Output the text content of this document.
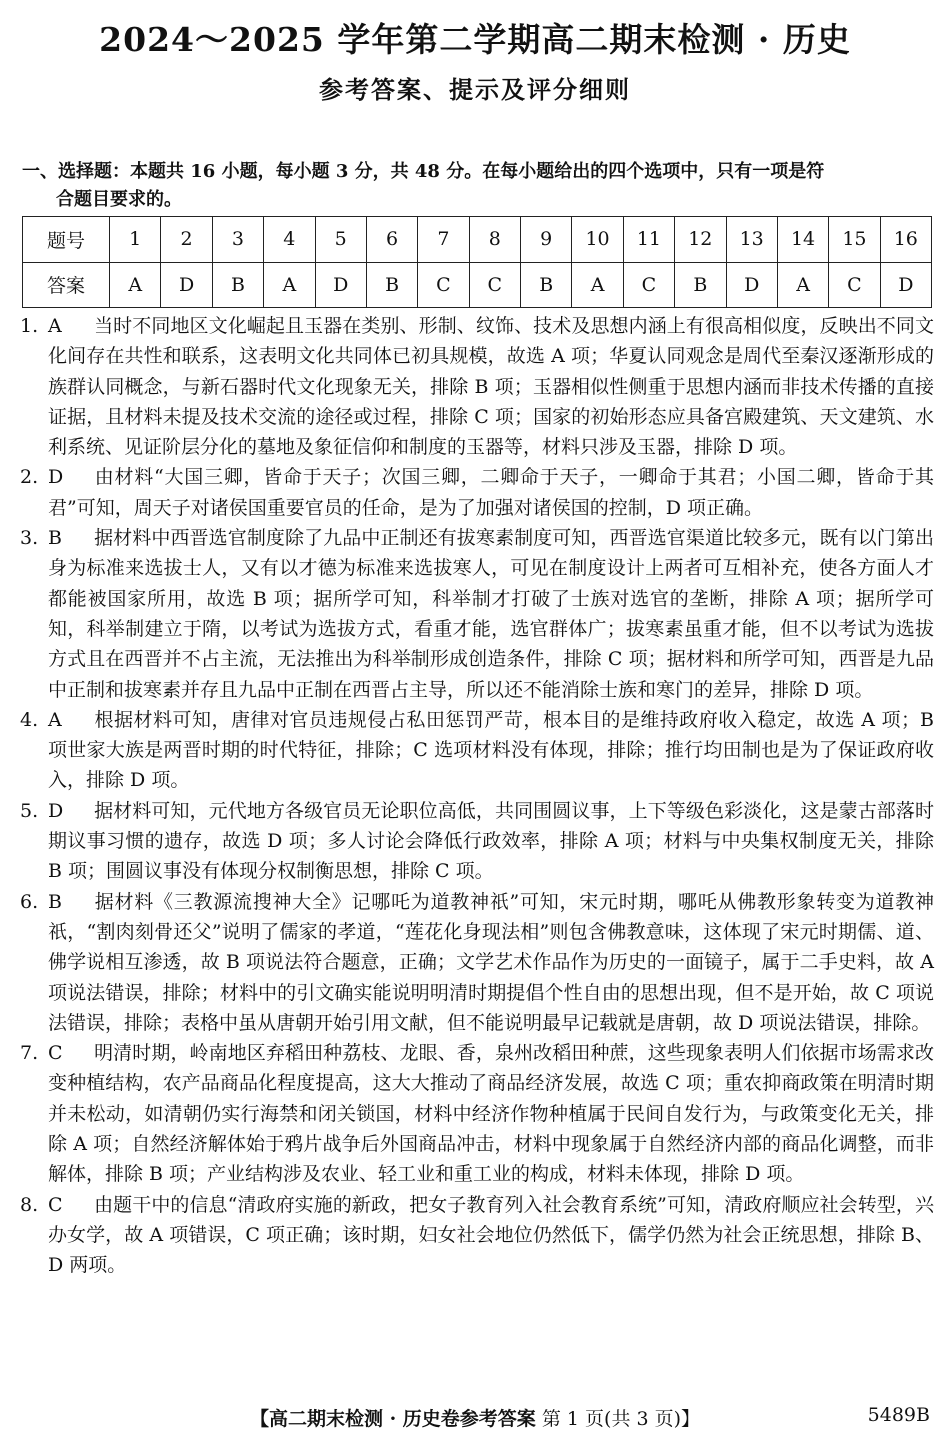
2024～2025 学年第二学期高二期末检测 · 历史
参考答案、提示及评分细则
一、选择题：本题共 16 小题，每小题 3 分，共 48 分。在每小题给出的四个选项中，只有一项是符
合题目要求的。
题号	1	2	3	4	5	6	7	8	9	10	11	12	13	14	15	16
答案	A	D	B	A	D	B	C	C	B	A	C	B	D	A	C	D

1. A 当时不同地区文化崛起且玉器在类别、形制、纹饰、技术及思想内涵上有很高相似度，反映出不同文化间存在共性和联系，这表明文化共同体已初具规模，故选 A 项；华夏认同观念是周代至秦汉逐渐形成的族群认同概念，与新石器时代文化现象无关，排除 B 项；玉器相似性侧重于思想内涵而非技术传播的直接证据，且材料未提及技术交流的途径或过程，排除 C 项；国家的初始形态应具备宫殿建筑、天文建筑、水利系统、见证阶层分化的墓地及象征信仰和制度的玉器等，材料只涉及玉器，排除 D 项。

2. D 由材料“大国三卿，皆命于天子；次国三卿，二卿命于天子，一卿命于其君；小国二卿，皆命于其君”可知，周天子对诸侯国重要官员的任命，是为了加强对诸侯国的控制，D 项正确。

3. B 据材料中西晋选官制度除了九品中正制还有拔寒素制度可知，西晋选官渠道比较多元，既有以门第出身为标准来选拔士人，又有以才德为标准来选拔寒人，可见在制度设计上两者可互相补充，使各方面人才都能被国家所用，故选 B 项；据所学可知，科举制才打破了士族对选官的垄断，排除 A 项；据所学可知，科举制建立于隋，以考试为选拔方式，看重才能，选官群体广；拔寒素虽重才能，但不以考试为选拔方式且在西晋并不占主流，无法推出为科举制形成创造条件，排除 C 项；据材料和所学可知，西晋是九品中正制和拔寒素并存且九品中正制在西晋占主导，所以还不能消除士族和寒门的差异，排除 D 项。

4. A 根据材料可知，唐律对官员违规侵占私田惩罚严苛，根本目的是维持政府收入稳定，故选 A 项；B 项世家大族是两晋时期的时代特征，排除；C 选项材料没有体现，排除；推行均田制也是为了保证政府收入，排除 D 项。

5. D 据材料可知，元代地方各级官员无论职位高低，共同围圆议事，上下等级色彩淡化，这是蒙古部落时期议事习惯的遗存，故选 D 项；多人讨论会降低行政效率，排除 A 项；材料与中央集权制度无关，排除 B 项；围圆议事没有体现分权制衡思想，排除 C 项。

6. B 据材料《三教源流搜神大全》记哪吒为道教神祇”可知，宋元时期，哪吒从佛教形象转变为道教神祇，“割肉刻骨还父”说明了儒家的孝道，“莲花化身现法相”则包含佛教意味，这体现了宋元时期儒、道、佛学说相互渗透，故 B 项说法符合题意，正确；文学艺术作品作为历史的一面镜子，属于二手史料，故 A 项说法错误，排除；材料中的引文确实能说明明清时期提倡个性自由的思想出现，但不是开始，故 C 项说法错误，排除；表格中虽从唐朝开始引用文献，但不能说明最早记载就是唐朝，故 D 项说法错误，排除。

7. C 明清时期，岭南地区弃稻田种荔枝、龙眼、香，泉州改稻田种蔗，这些现象表明人们依据市场需求改变种植结构，农产品商品化程度提高，这大大推动了商品经济发展，故选 C 项；重农抑商政策在明清时期并未松动，如清朝仍实行海禁和闭关锁国，材料中经济作物种植属于民间自发行为，与政策变化无关，排除 A 项；自然经济解体始于鸦片战争后外国商品冲击，材料中现象属于自然经济内部的商品化调整，而非解体，排除 B 项；产业结构涉及农业、轻工业和重工业的构成，材料未体现，排除 D 项。

8. C 由题干中的信息“清政府实施的新政，把女子教育列入社会教育系统”可知，清政府顺应社会转型，兴办女学，故 A 项错误，C 项正确；该时期，妇女社会地位仍然低下，儒学仍然为社会正统思想，排除 B、D 两项。

【高二期末检测 · 历史卷参考答案 第 1 页(共 3 页)】	5489B
